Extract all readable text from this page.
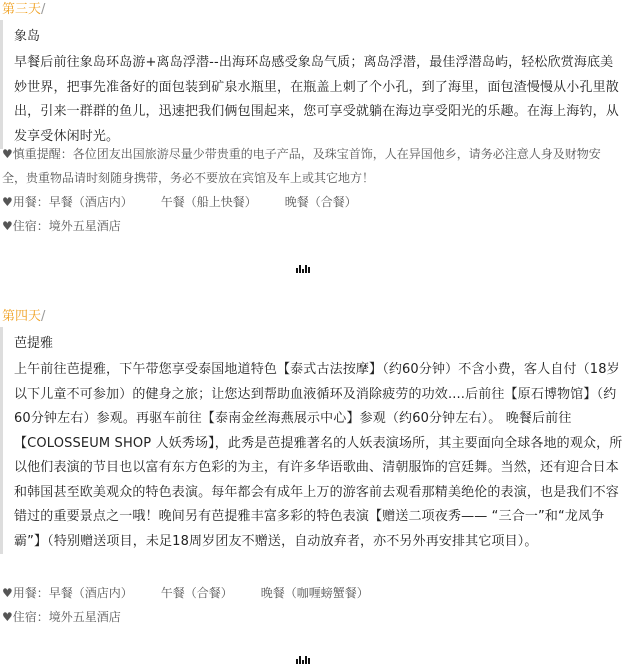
第三天/
象岛

早餐后前往象岛环岛游+离岛浮潜--出海环岛感受象岛气质；离岛浮潜，最佳浮潜岛屿，轻松欣赏海底美妙世界，把事先准备好的面包装到矿泉水瓶里，在瓶盖上刺了个小孔，到了海里，面包渣慢慢从小孔里散出，引来一群群的鱼儿，迅速把我们俩包围起来，您可享受就躺在海边享受阳光的乐趣。在海上海钓，从发享受休闲时光。

♥慎重提醒：各位团友出国旅游尽量少带贵重的电子产品，及珠宝首饰，人在异国他乡，请务必注意人身及财物安全，贵重物品请时刻随身携带，务必不要放在宾馆及车上或其它地方！
♥用餐：早餐（酒店内） 午餐（船上快餐） 晚餐（合餐）
♥住宿：境外五星酒店
第四天/
芭提雅

上午前往芭提雅，下午带您享受泰国地道特色【泰式古法按摩】（约60分钟）不含小费，客人自付（18岁以下儿童不可参加）的健身之旅；让您达到帮助血液循环及消除疲劳的功效....后前往【原石博物馆】（约60分钟左右）参观。再驱车前往【泰南金丝海燕展示中心】参观（约60分钟左右）。 晚餐后前往【COLOSSEUM SHOP 人妖秀场】，此秀是芭提雅著名的人妖表演场所，其主要面向全球各地的观众，所以他们表演的节目也以富有东方色彩的为主，有许多华语歌曲、清朝服饰的宫廷舞。当然，还有迎合日本和韩国甚至欧美观众的特色表演。每年都会有成年上万的游客前去观看那精美绝伦的表演，也是我们不容错过的重要景点之一哦！晚间另有芭提雅丰富多彩的特色表演【赠送二项夜秀—— “三合一”和“龙凤争霸”】（特别赠送项目，未足18周岁团友不赠送，自动放弃者，亦不另外再安排其它项目）。

♥用餐：早餐（酒店内） 午餐（合餐） 晚餐（咖喱螃蟹餐）
♥住宿：境外五星酒店
